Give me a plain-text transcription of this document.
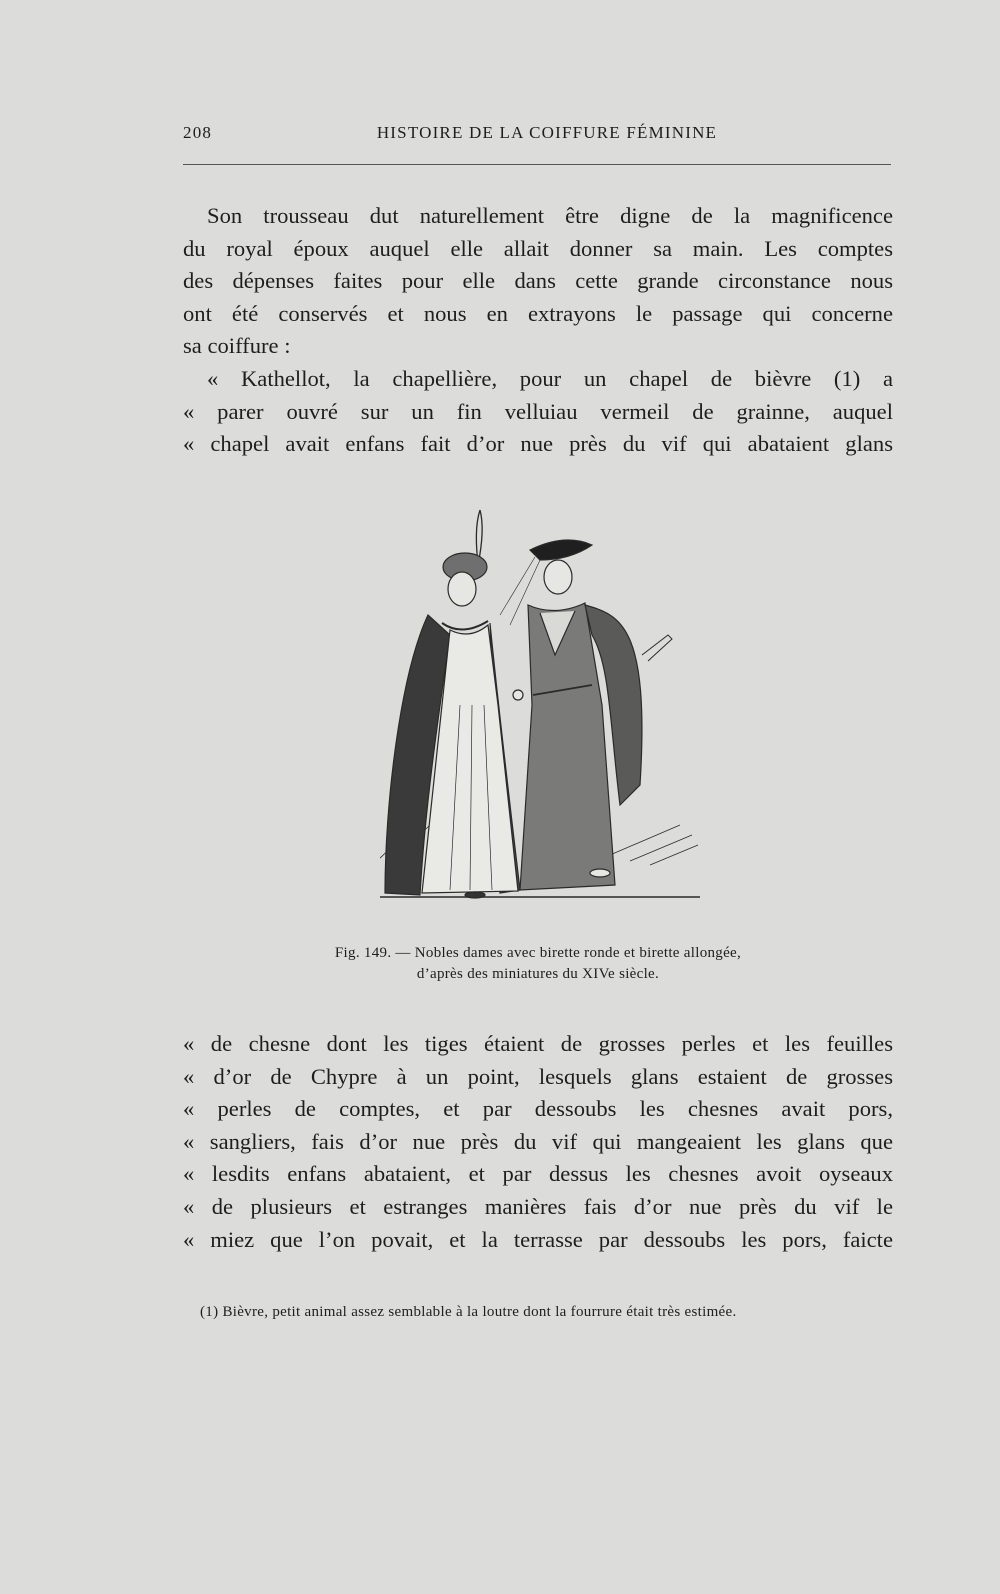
208	HISTOIRE DE LA COIFFURE FÉMININE
Son trousseau dut naturellement être digne de la magnificence
du royal époux auquel elle allait donner sa main. Les comptes
des dépenses faites pour elle dans cette grande circonstance nous
ont été conservés et nous en extrayons le passage qui concerne
sa coiffure :
« Kathellot, la chapellière, pour un chapel de bièvre (1) a
« parer ouvré sur un fin velluiau vermeil de grainne, auquel
« chapel avait enfans fait d’or nue près du vif qui abataient glans
Fig. 149. — Nobles dames avec birette ronde et birette allongée,
d’après des miniatures du XIVe siècle.
« de chesne dont les tiges étaient de grosses perles et les feuilles
« d’or de Chypre à un point, lesquels glans estaient de grosses
« perles de comptes, et par dessoubs les chesnes avait pors,
« sangliers, fais d’or nue près du vif qui mangeaient les glans que
« lesdits enfans abataient, et par dessus les chesnes avoit oyseaux
« de plusieurs et estranges manières fais d’or nue près du vif le
« miez que l’on povait, et la terrasse par dessoubs les pors, faicte
(1) Bièvre, petit animal assez semblable à la loutre dont la fourrure était très estimée.
